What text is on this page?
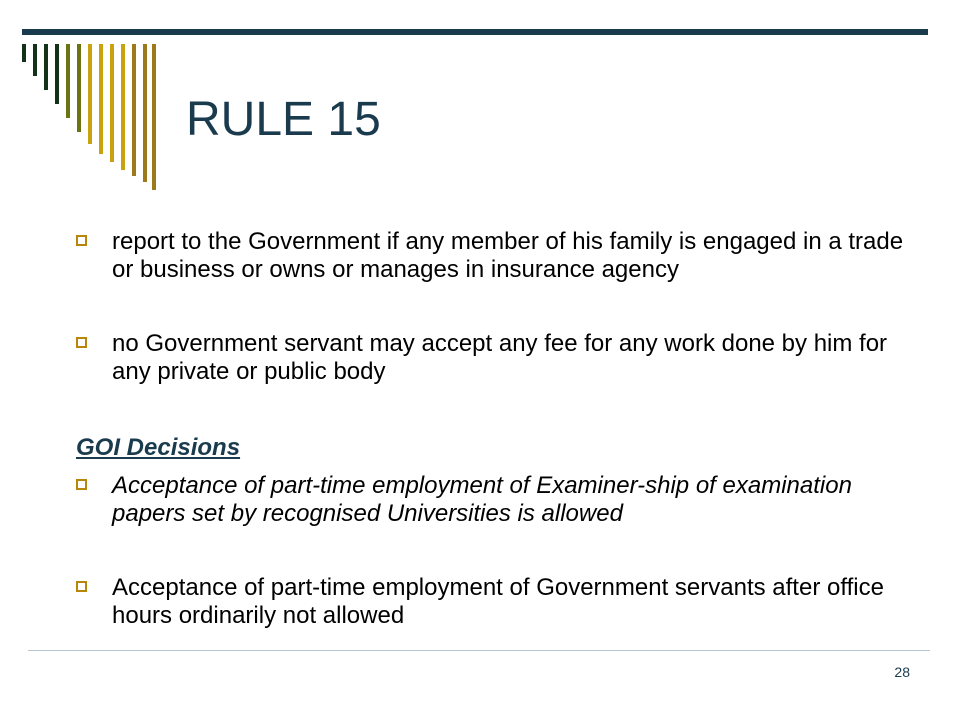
RULE 15

report to the Government if any member of his family is engaged in a trade or business or owns or manages in insurance agency

no Government servant may accept any fee for any work done by him for any private or public body

GOI Decisions

Acceptance of part-time employment of Examiner-ship of examination papers set by recognised Universities is allowed

Acceptance of part-time employment of Government servants after office hours ordinarily not allowed

28
